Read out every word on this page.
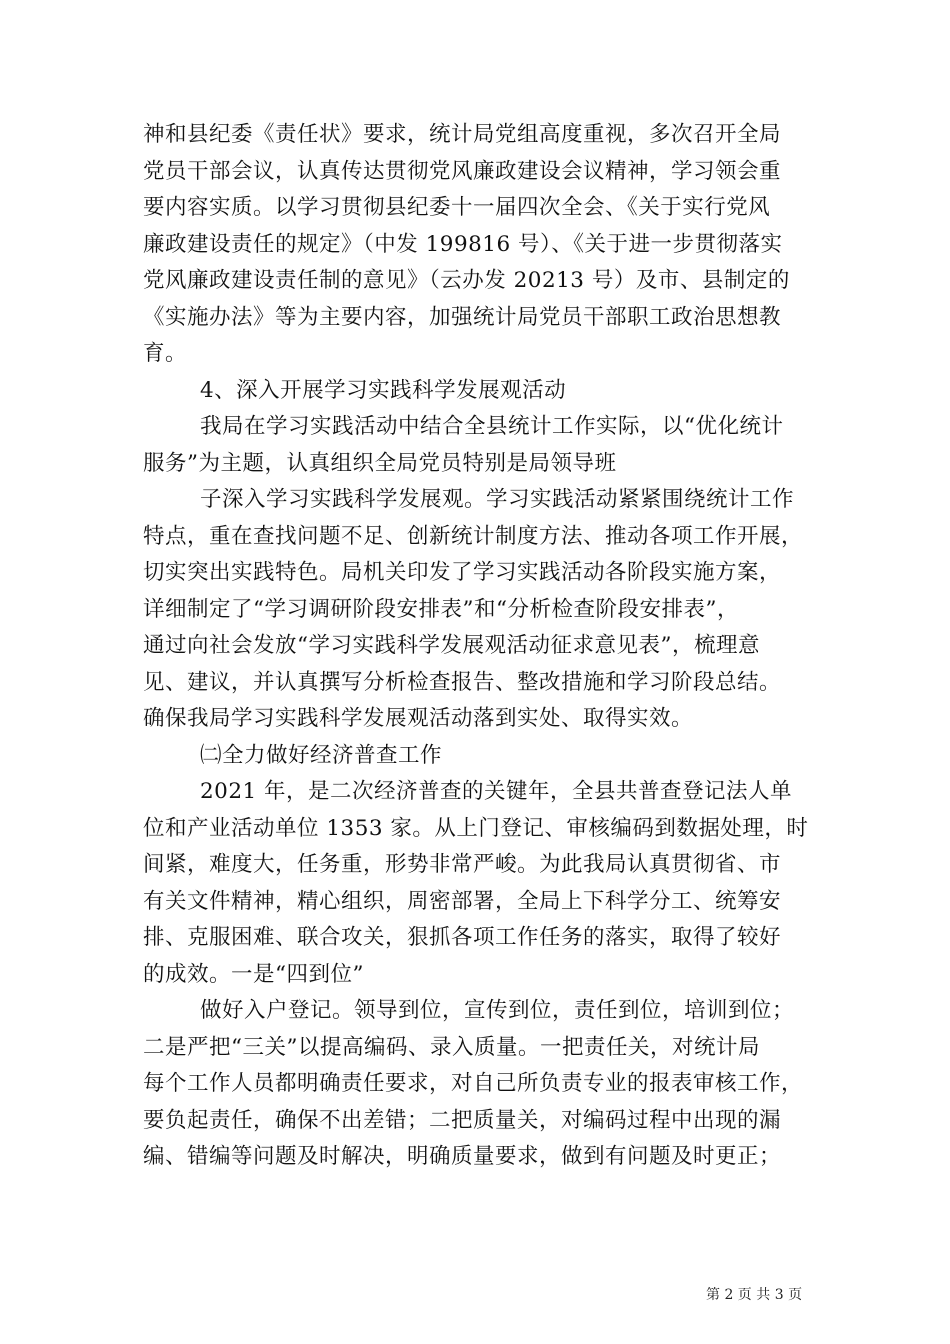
神和县纪委《责任状》要求，统计局党组高度重视，多次召开全局
党员干部会议，认真传达贯彻党风廉政建设会议精神，学习领会重
要内容实质。以学习贯彻县纪委十一届四次全会、《关于实行党风
廉政建设责任的规定》（中发 199816 号）、《关于进一步贯彻落实
党风廉政建设责任制的意见》（云办发 20213 号）及市、县制定的
《实施办法》等为主要内容，加强统计局党员干部职工政治思想教
育。
4、深入开展学习实践科学发展观活动
我局在学习实践活动中结合全县统计工作实际，以“优化统计
服务”为主题，认真组织全局党员特别是局领导班
子深入学习实践科学发展观。学习实践活动紧紧围绕统计工作
特点，重在查找问题不足、创新统计制度方法、推动各项工作开展，
切实突出实践特色。局机关印发了学习实践活动各阶段实施方案，
详细制定了“学习调研阶段安排表”和“分析检查阶段安排表”，
通过向社会发放“学习实践科学发展观活动征求意见表”，梳理意
见、建议，并认真撰写分析检查报告、整改措施和学习阶段总结。
确保我局学习实践科学发展观活动落到实处、取得实效。
㈡全力做好经济普查工作
2021 年，是二次经济普查的关键年，全县共普查登记法人单
位和产业活动单位 1353 家。从上门登记、审核编码到数据处理，时
间紧，难度大，任务重，形势非常严峻。为此我局认真贯彻省、市
有关文件精神，精心组织，周密部署，全局上下科学分工、统筹安
排、克服困难、联合攻关，狠抓各项工作任务的落实，取得了较好
的成效。一是“四到位”
做好入户登记。领导到位，宣传到位，责任到位，培训到位；
二是严把“三关”以提高编码、录入质量。一把责任关，对统计局
每个工作人员都明确责任要求，对自己所负责专业的报表审核工作，
要负起责任，确保不出差错；二把质量关，对编码过程中出现的漏
编、错编等问题及时解决，明确质量要求，做到有问题及时更正；
第 2 页 共 3 页
